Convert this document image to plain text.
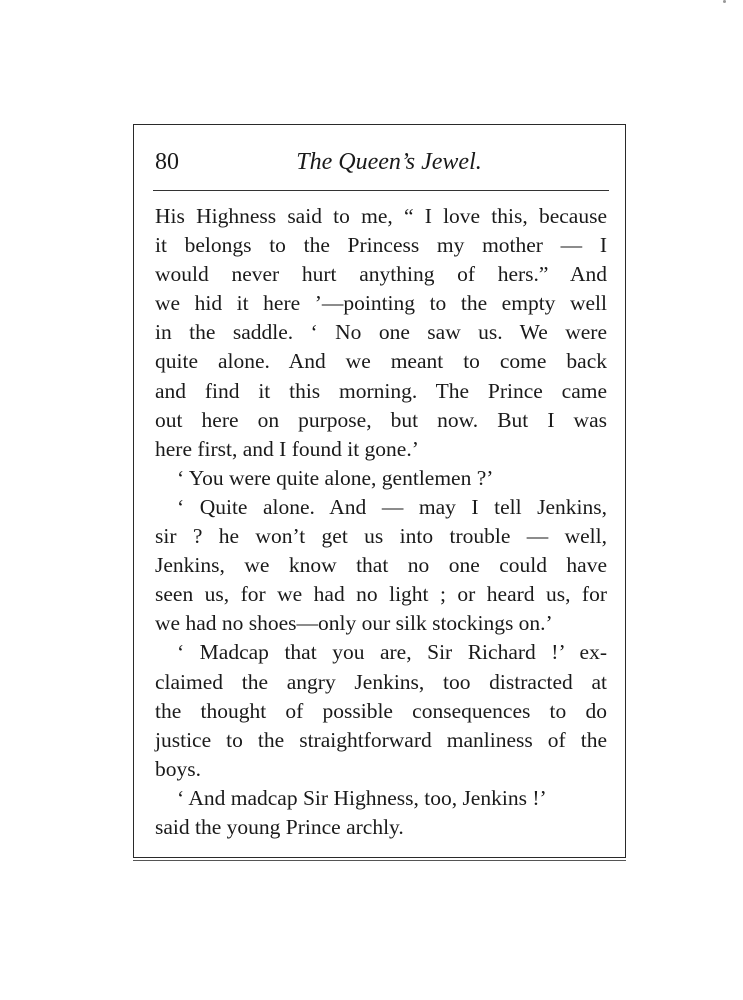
80	The Queen’s Jewel.
His Highness said to me, “ I love this, because
it belongs to the Princess my mother — I
would never hurt anything of hers.” And
we hid it here ’—pointing to the empty well
in the saddle. ‘ No one saw us. We were
quite alone. And we meant to come back
and find it this morning. The Prince came
out here on purpose, but now. But I was
here first, and I found it gone.’
‘ You were quite alone, gentlemen ?’
‘ Quite alone. And — may I tell Jenkins,
sir ? he won’t get us into trouble — well,
Jenkins, we know that no one could have
seen us, for we had no light ; or heard us, for
we had no shoes—only our silk stockings on.’
‘ Madcap that you are, Sir Richard !’ ex-
claimed the angry Jenkins, too distracted at
the thought of possible consequences to do
justice to the straightforward manliness of the
boys.
‘ And madcap Sir Highness, too, Jenkins !’
said the young Prince archly.
